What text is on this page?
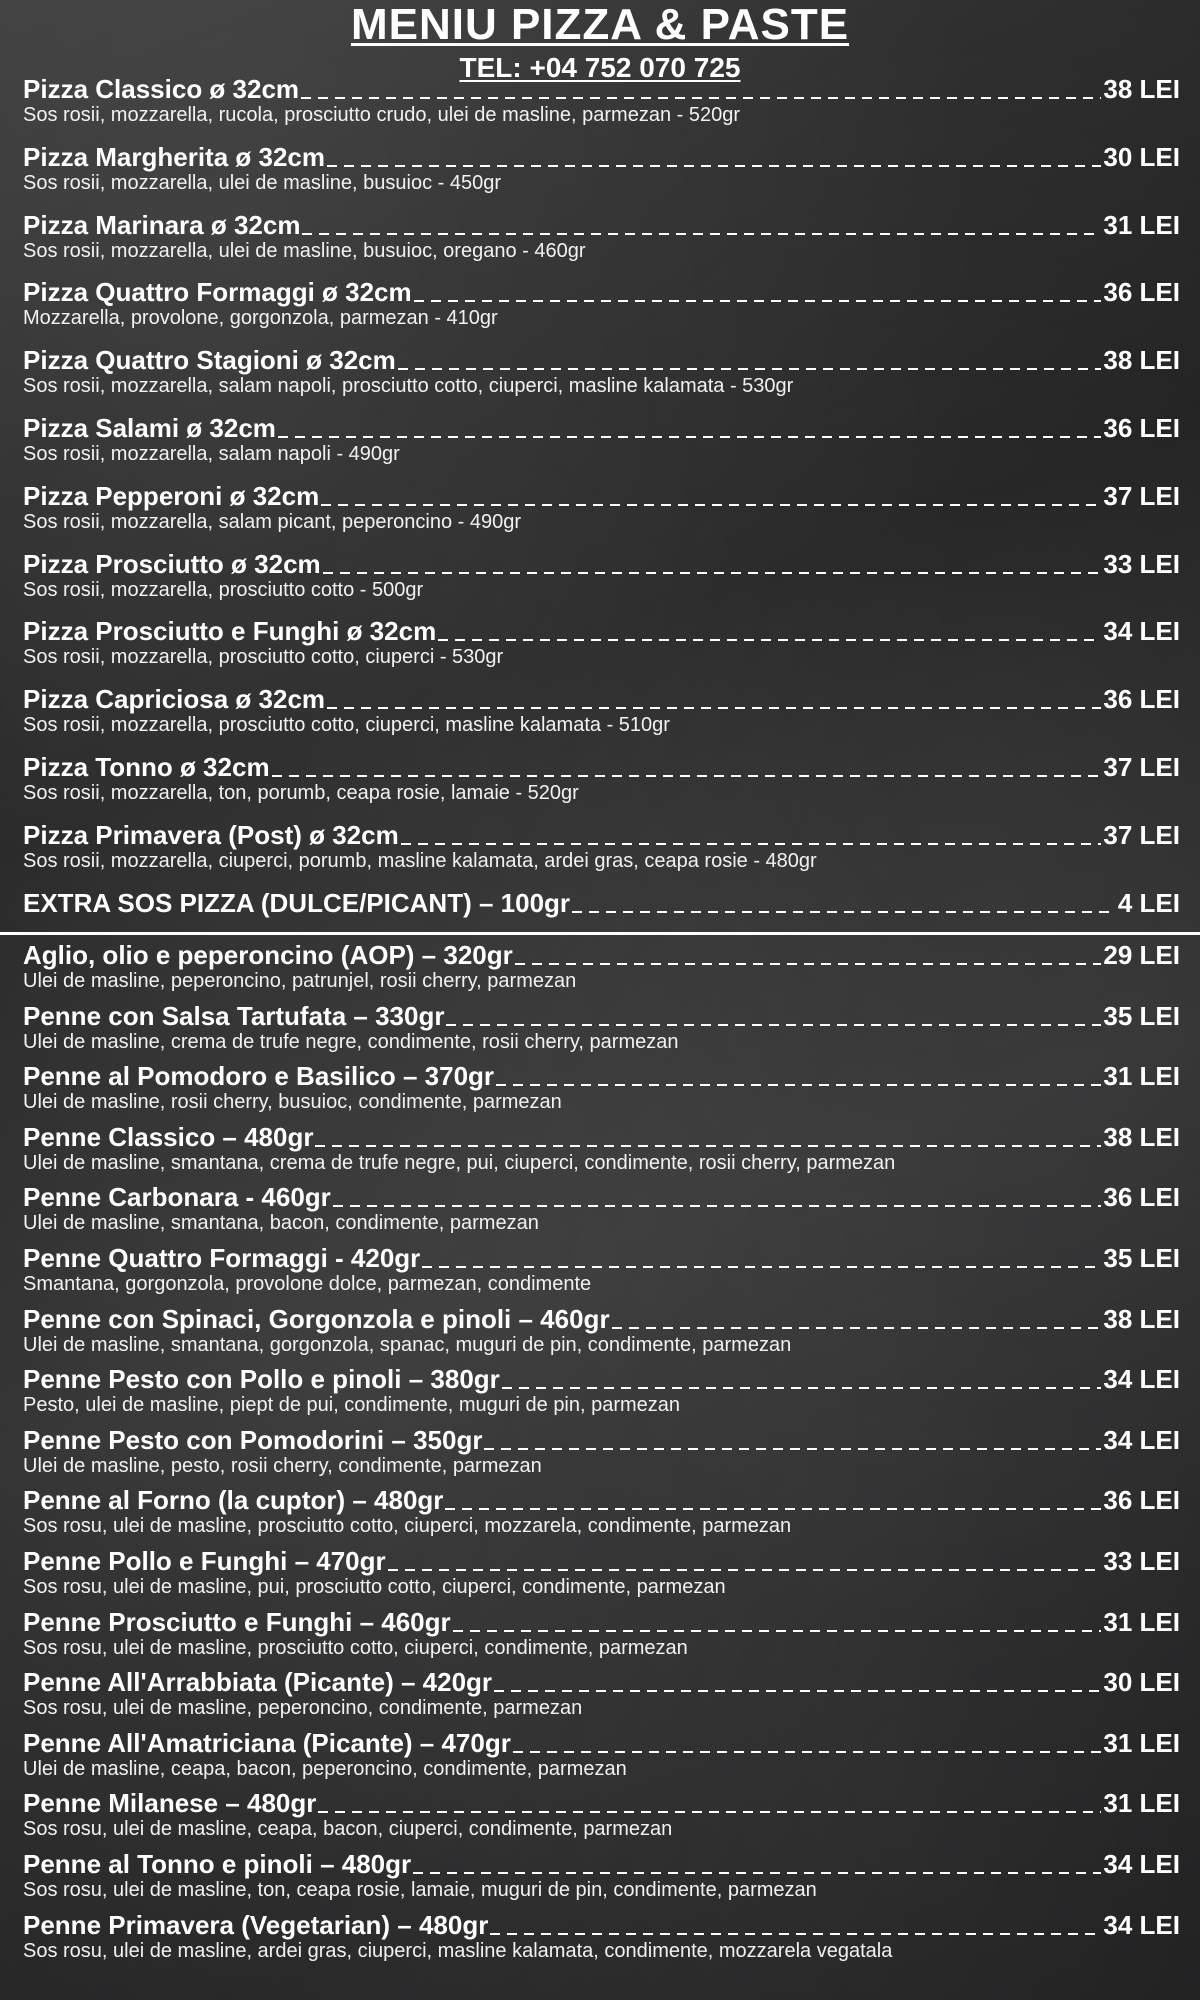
MENIU PIZZA & PASTE
TEL: +04 752 070 725
Pizza Classico ø 32cm	38 LEI
Sos rosii, mozzarella, rucola, prosciutto crudo, ulei de masline, parmezan - 520gr
Pizza Margherita ø 32cm	30 LEI
Sos rosii, mozzarella, ulei de masline, busuioc - 450gr
Pizza Marinara ø 32cm	31 LEI
Sos rosii, mozzarella, ulei de masline, busuioc, oregano - 460gr
Pizza Quattro Formaggi ø 32cm	36 LEI
Mozzarella, provolone, gorgonzola, parmezan - 410gr
Pizza Quattro Stagioni ø 32cm	38 LEI
Sos rosii, mozzarella, salam napoli, prosciutto cotto, ciuperci, masline kalamata - 530gr
Pizza Salami ø 32cm	36 LEI
Sos rosii, mozzarella, salam napoli - 490gr
Pizza Pepperoni ø 32cm	37 LEI
Sos rosii, mozzarella, salam picant, peperoncino - 490gr
Pizza Prosciutto ø 32cm	33 LEI
Sos rosii, mozzarella, prosciutto cotto - 500gr
Pizza Prosciutto e Funghi ø 32cm	34 LEI
Sos rosii, mozzarella, prosciutto cotto, ciuperci - 530gr
Pizza Capriciosa ø 32cm	36 LEI
Sos rosii, mozzarella, prosciutto cotto, ciuperci, masline kalamata - 510gr
Pizza Tonno ø 32cm	37 LEI
Sos rosii, mozzarella, ton, porumb, ceapa rosie, lamaie - 520gr
Pizza Primavera (Post) ø 32cm	37 LEI
Sos rosii, mozzarella, ciuperci, porumb, masline kalamata, ardei gras, ceapa rosie - 480gr
EXTRA SOS PIZZA (DULCE/PICANT) – 100gr	4 LEI
Aglio, olio e peperoncino (AOP) – 320gr	29 LEI
Ulei de masline, peperoncino, patrunjel, rosii cherry, parmezan
Penne con Salsa Tartufata – 330gr	35 LEI
Ulei de masline, crema de trufe negre, condimente, rosii cherry, parmezan
Penne al Pomodoro e Basilico – 370gr	31 LEI
Ulei de masline, rosii cherry, busuioc, condimente, parmezan
Penne Classico – 480gr	38 LEI
Ulei de masline, smantana, crema de trufe negre, pui, ciuperci, condimente, rosii cherry, parmezan
Penne Carbonara - 460gr	36 LEI
Ulei de masline, smantana, bacon, condimente, parmezan
Penne Quattro Formaggi - 420gr	35 LEI
Smantana, gorgonzola, provolone dolce, parmezan, condimente
Penne con Spinaci, Gorgonzola e pinoli – 460gr	38 LEI
Ulei de masline, smantana, gorgonzola, spanac, muguri de pin, condimente, parmezan
Penne Pesto con Pollo e pinoli – 380gr	34 LEI
Pesto, ulei de masline, piept de pui, condimente, muguri de pin, parmezan
Penne Pesto con Pomodorini – 350gr	34 LEI
Ulei de masline, pesto, rosii cherry, condimente, parmezan
Penne al Forno (la cuptor) – 480gr	36 LEI
Sos rosu, ulei de masline, prosciutto cotto, ciuperci, mozzarela, condimente, parmezan
Penne Pollo e Funghi – 470gr	33 LEI
Sos rosu, ulei de masline, pui, prosciutto cotto, ciuperci, condimente, parmezan
Penne Prosciutto e Funghi – 460gr	31 LEI
Sos rosu, ulei de masline, prosciutto cotto, ciuperci, condimente, parmezan
Penne All'Arrabbiata (Picante) – 420gr	30 LEI
Sos rosu, ulei de masline, peperoncino, condimente, parmezan
Penne All'Amatriciana (Picante) – 470gr	31 LEI
Ulei de masline, ceapa, bacon, peperoncino, condimente, parmezan
Penne Milanese – 480gr	31 LEI
Sos rosu, ulei de masline, ceapa, bacon, ciuperci, condimente, parmezan
Penne al Tonno e pinoli – 480gr	34 LEI
Sos rosu, ulei de masline, ton, ceapa rosie, lamaie, muguri de pin, condimente, parmezan
Penne Primavera (Vegetarian) – 480gr	34 LEI
Sos rosu, ulei de masline, ardei gras, ciuperci, masline kalamata, condimente, mozzarela vegatala
